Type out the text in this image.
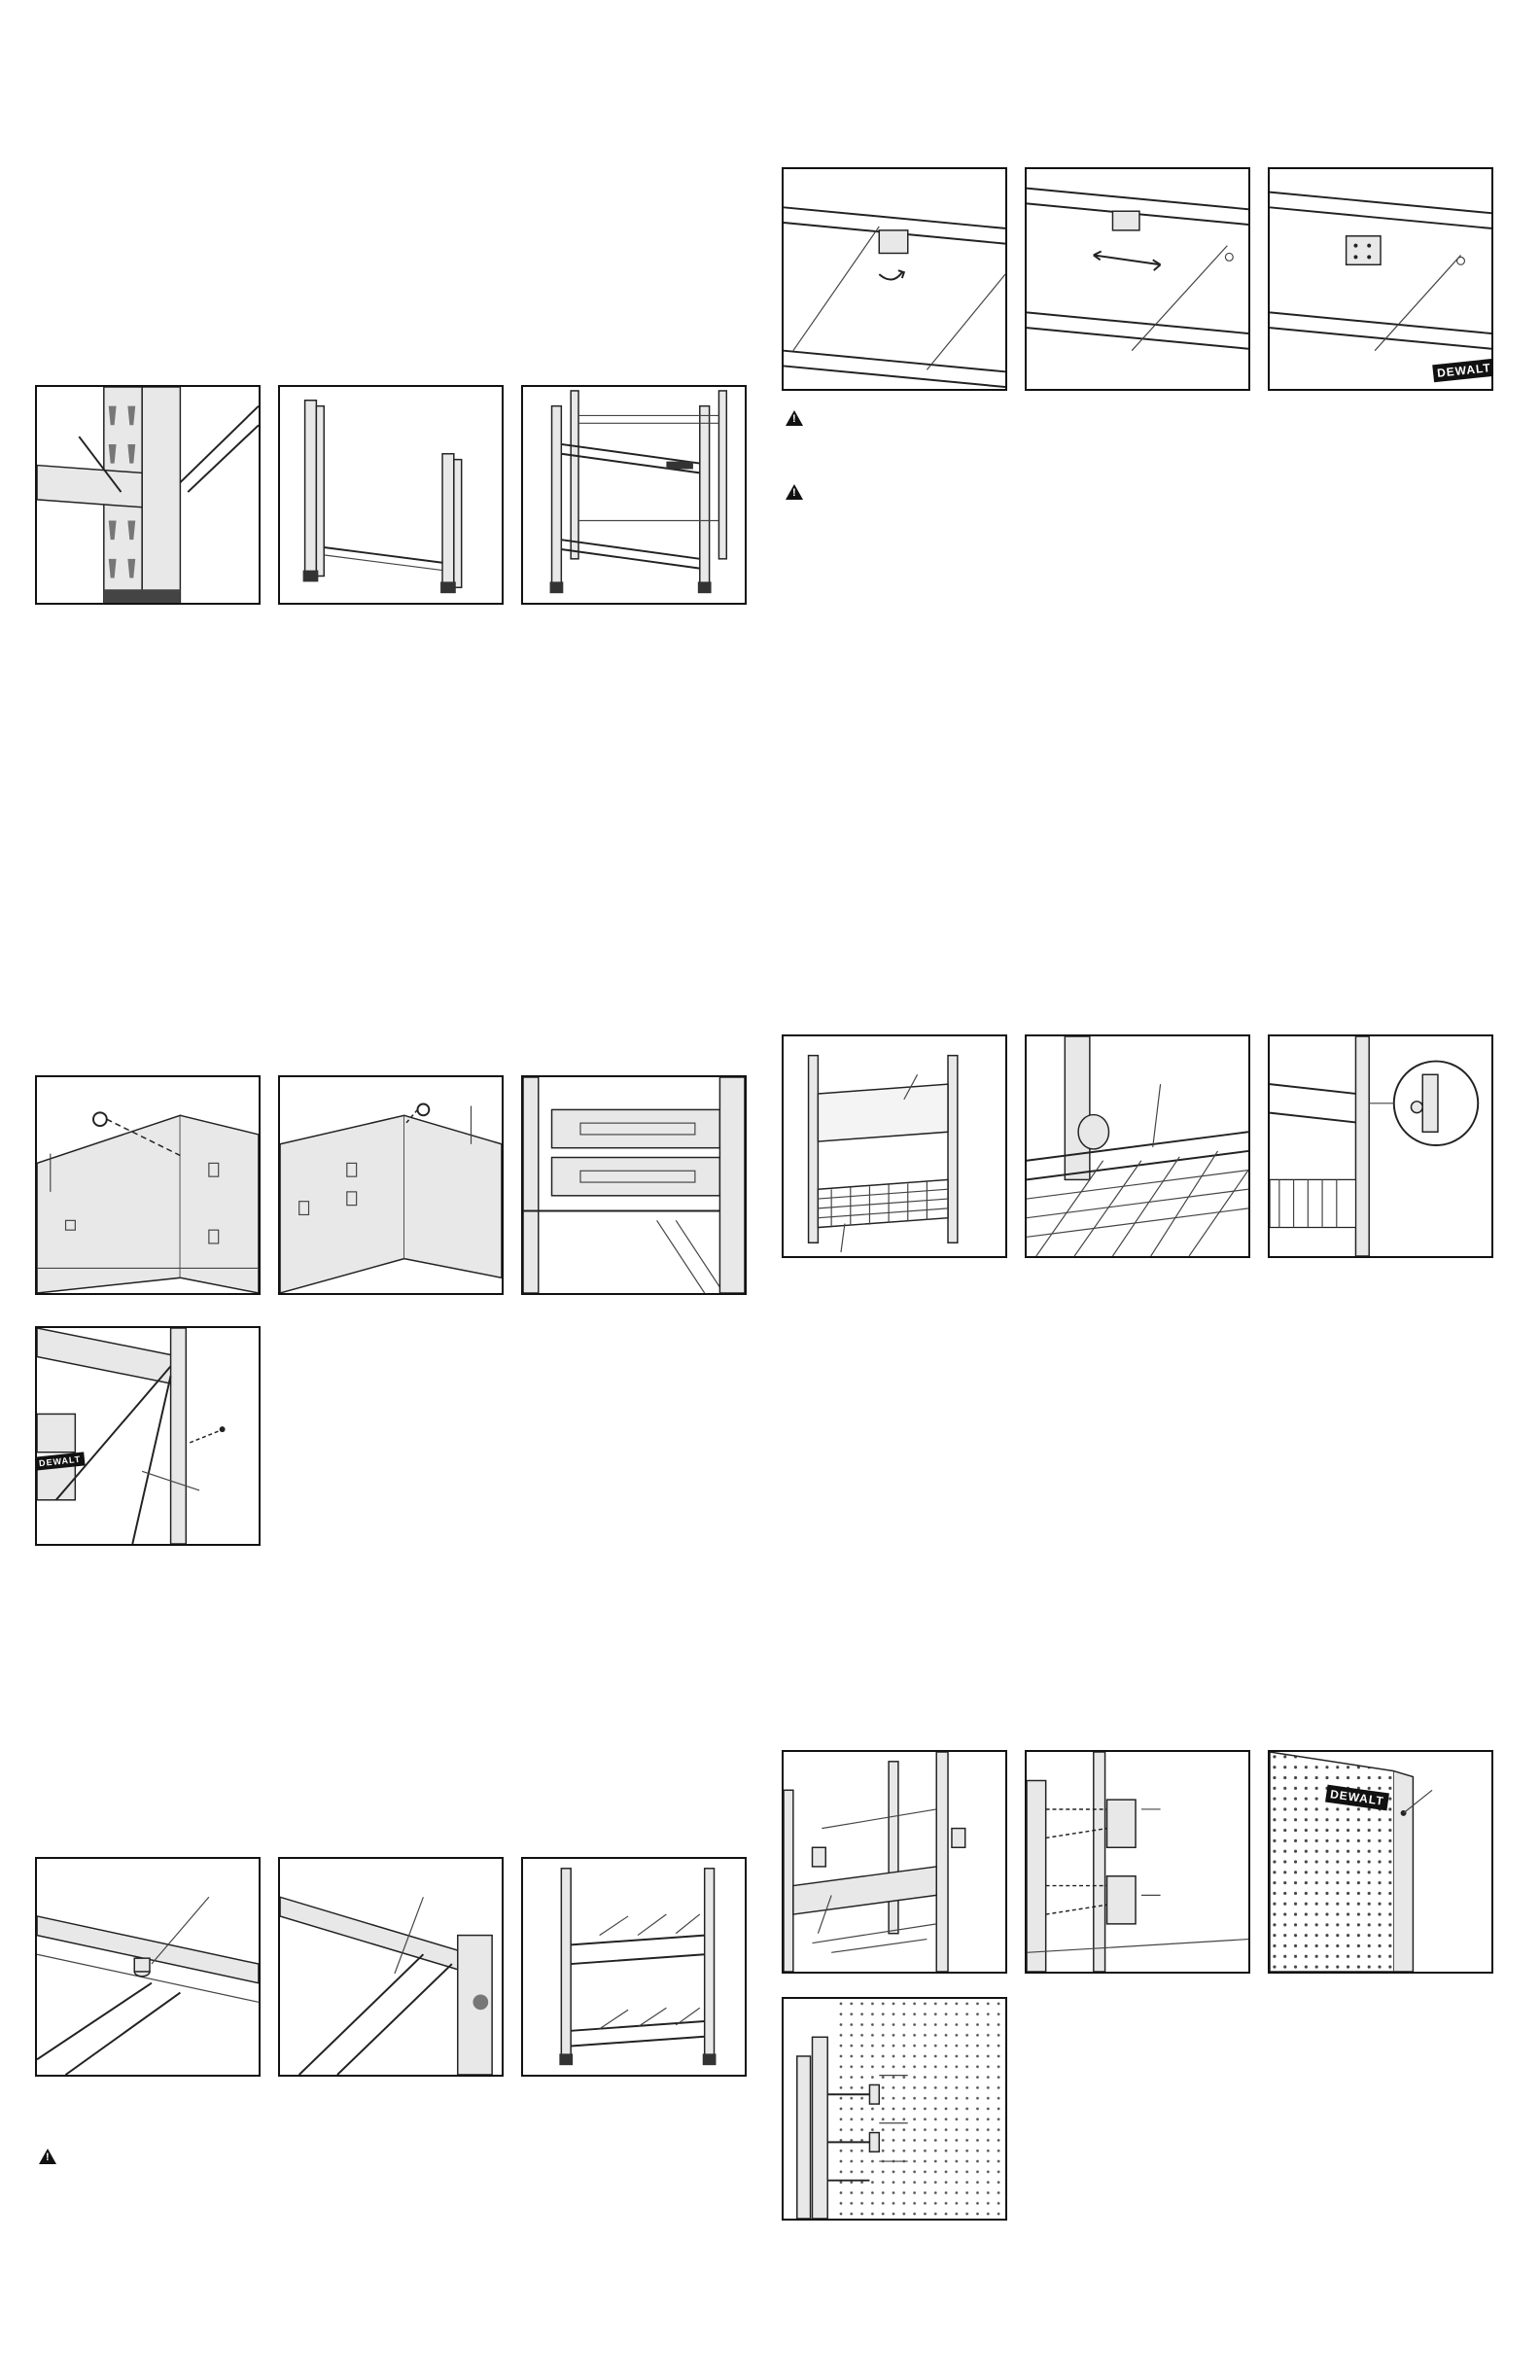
DEWALT
!
DEWALT
!
!
DEWALT
